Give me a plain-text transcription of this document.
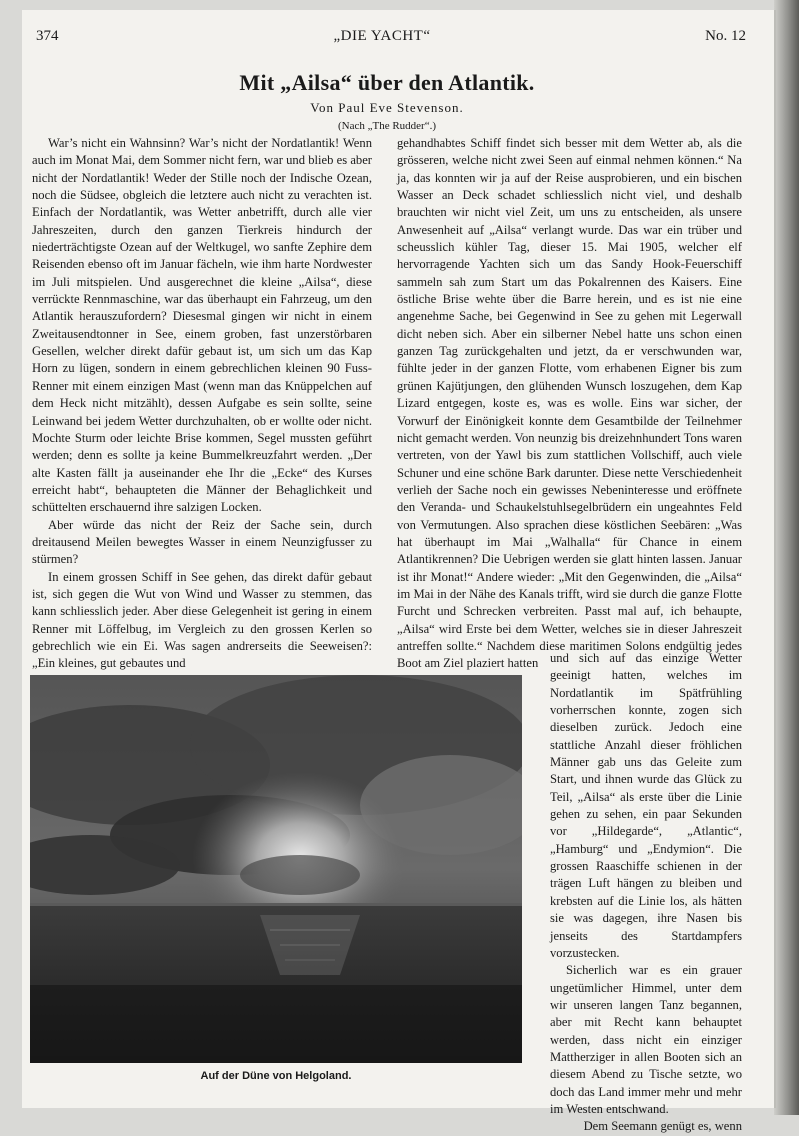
374	„DIE YACHT“	No. 12
Mit „Ailsa“ über den Atlantik.
Von Paul Eve Stevenson.
(Nach „The Rudder“.)

War’s nicht ein Wahnsinn? War’s nicht der Nordatlantik! Wenn auch im Monat Mai, dem Sommer nicht fern, war und blieb es aber nicht der Nordatlantik! Weder der Stille noch der Indische Ozean, noch die Südsee, obgleich die letztere auch nicht zu verachten ist. Einfach der Nordatlantik, was Wetter anbetrifft, durch alle vier Jahreszeiten, durch den ganzen Tierkreis hindurch der niederträchtigste Ozean auf der Weltkugel, wo sanfte Zephire dem Reisenden ebenso oft im Januar fächeln, wie ihm harte Nordwester im Juli mitspielen. Und ausgerechnet die kleine „Ailsa“, diese verrückte Rennmaschine, war das überhaupt ein Fahrzeug, um den Atlantik herauszufordern? Diesesmal gingen wir nicht in einem Zweitausendtonner in See, einem groben, fast unzerstörbaren Gesellen, welcher direkt dafür gebaut ist, um sich um das Kap Horn zu lügen, sondern in einem gebrechlichen kleinen 90 Fuss-Renner mit einem einzigen Mast (wenn man das Knüppelchen auf dem Heck nicht mitzählt), dessen Aufgabe es sein sollte, seine Leinwand bei jedem Wetter durchzuhalten, ob er wollte oder nicht. Mochte Sturm oder leichte Brise kommen, Segel mussten geführt werden; denn es sollte ja keine Bummelkreuzfahrt werden. „Der alte Kasten fällt ja auseinander ehe Ihr die „Ecke“ des Kurses erreicht habt“, behaupteten die Männer der Behaglichkeit und schüttelten erschauernd ihre salzigen Locken.

Aber würde das nicht der Reiz der Sache sein, durch dreitausend Meilen bewegtes Wasser in einem Neunzigfusser zu stürmen?

In einem grossen Schiff in See gehen, das direkt dafür gebaut ist, sich gegen die Wut von Wind und Wasser zu stemmen, das kann schliesslich jeder. Aber diese Gelegenheit ist gering in einem Renner mit Löffelbug, im Vergleich zu den grossen Kerlen so gebrechlich wie ein Ei. Was sagen andrerseits die Seeweisen?: „Ein kleines, gut gebautes und

gehandhabtes Schiff findet sich besser mit dem Wetter ab, als die grösseren, welche nicht zwei Seen auf einmal nehmen können.“ Na ja, das konnten wir ja auf der Reise ausprobieren, und ein bischen Wasser an Deck schadet schliesslich nicht viel, und deshalb brauchten wir nicht viel Zeit, um uns zu entscheiden, als unsere Anwesenheit auf „Ailsa“ verlangt wurde. Das war ein trüber und scheusslich kühler Tag, dieser 15. Mai 1905, welcher elf hervorragende Yachten sich um das Sandy Hook-Feuerschiff sammeln sah zum Start um das Pokalrennen des Kaisers. Eine östliche Brise wehte über die Barre herein, und es ist nie eine angenehme Sache, bei Gegenwind in See zu gehen mit Legerwall dicht neben sich. Aber ein silberner Nebel hatte uns schon einen ganzen Tag zurückgehalten und jetzt, da er verschwunden war, fühlte jeder in der ganzen Flotte, vom erhabenen Eigner bis zum grünen Kajütjungen, den glühenden Wunsch loszugehen, dem Kap Lizard entgegen, koste es, was es wolle. Eins war sicher, der Vorwurf der Einönigkeit konnte dem Gesamtbilde der Teilnehmer nicht gemacht werden. Von neunzig bis dreizehnhundert Tons waren vertreten, von der Yawl bis zum stattlichen Vollschiff, auch viele Schuner und eine schöne Bark darunter. Diese nette Verschiedenheit verlieh der Sache noch ein gewisses Nebeninteresse und eröffnete den Veranda- und Schaukelstuhlsegelbrüdern ein ungeahntes Feld von Vermutungen. Also sprachen diese köstlichen Seebären: „Was hat überhaupt im Mai „Walhalla“ für Chance in einem Atlantikrennen? Die Uebrigen werden sie glatt hinten lassen. Januar ist ihr Monat!“ Andere wieder: „Mit den Gegenwinden, die „Ailsa“ im Mai in der Nähe des Kanals trifft, wird sie durch die ganze Flotte Furcht und Schrecken verbreiten. Passt mal auf, ich behaupte, „Ailsa“ wird Erste bei dem Wetter, welches sie in dieser Jahreszeit antreffen sollte.“ Nachdem diese maritimen Solons endgültig jedes Boot am Ziel plaziert hatten und sich auf das einzige Wetter geeinigt hatten, welches im Nordatlantik im Spätfrühling vorherrschen konnte, zogen sich dieselben zurück. Jedoch eine stattliche Anzahl dieser fröhlichen Männer gab uns das Geleite zum Start, und ihnen wurde das Glück zu Teil, „Ailsa“ als erste über die Linie gehen zu sehen, ein paar Sekunden vor „Hildegarde“, „Atlantic“, „Hamburg“ und „Endymion“. Die grossen Raaschiffe schienen in der trägen Luft hängen zu bleiben und krebsten auf die Linie los, als hätten sie was dagegen, ihre Nasen bis jenseits des Startdampfers vorzustecken.

Sicherlich war es ein grauer ungetümlicher Himmel, unter dem wir unseren langen Tanz begannen, aber mit Recht kann behauptet werden, dass nicht ein einziger Mattherziger in allen Booten sich an diesem Abend zu Tische setzte, wo doch das Land immer mehr und mehr im Westen entschwand.

Dem Seemann genügt es, wenn

Auf der Düne von Helgoland.
